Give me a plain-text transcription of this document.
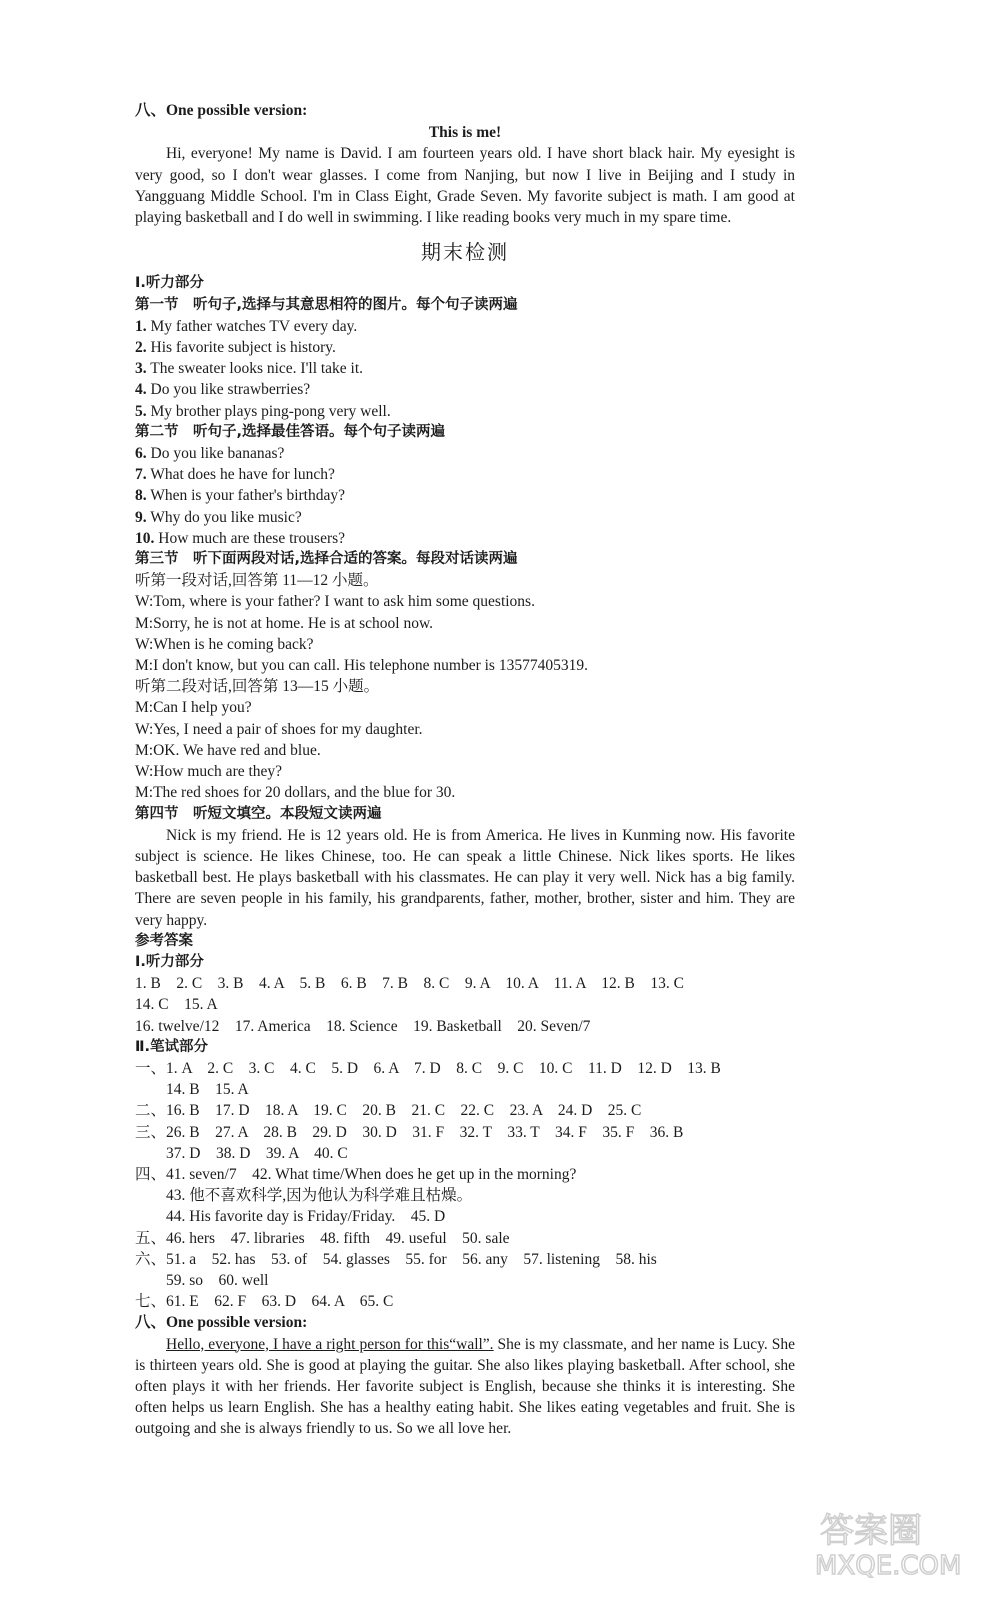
八、One possible version:
This is me!
Hi, everyone! My name is David. I am fourteen years old. I have short black hair. My eyesight is very good, so I don't wear glasses. I come from Nanjing, but now I live in Beijing and I study in Yangguang Middle School. I'm in Class Eight, Grade Seven. My favorite subject is math. I am good at playing basketball and I do well in swimming. I like reading books very much in my spare time.
期末检测
Ⅰ.听力部分
第一节　听句子,选择与其意思相符的图片。每个句子读两遍
1. My father watches TV every day.
2. His favorite subject is history.
3. The sweater looks nice. I'll take it.
4. Do you like strawberries?
5. My brother plays ping-pong very well.
第二节　听句子,选择最佳答语。每个句子读两遍
6. Do you like bananas?
7. What does he have for lunch?
8. When is your father's birthday?
9. Why do you like music?
10. How much are these trousers?
第三节　听下面两段对话,选择合适的答案。每段对话读两遍
听第一段对话,回答第 11—12 小题。
W:Tom, where is your father? I want to ask him some questions.
M:Sorry, he is not at home. He is at school now.
W:When is he coming back?
M:I don't know, but you can call. His telephone number is 13577405319.
听第二段对话,回答第 13—15 小题。
M:Can I help you?
W:Yes, I need a pair of shoes for my daughter.
M:OK. We have red and blue.
W:How much are they?
M:The red shoes for 20 dollars, and the blue for 30.
第四节　听短文填空。本段短文读两遍
Nick is my friend. He is 12 years old. He is from America. He lives in Kunming now. His favorite subject is science. He likes Chinese, too. He can speak a little Chinese. Nick likes sports. He likes basketball best. He plays basketball with his classmates. He can play it very well. Nick has a big family. There are seven people in his family, his grandparents, father, mother, brother, sister and him. They are very happy.
参考答案
Ⅰ.听力部分
1. B　2. C　3. B　4. A　5. B　6. B　7. B　8. C　9. A　10. A　11. A　12. B　13. C
14. C　15. A
16. twelve/12　17. America　18. Science　19. Basketball　20. Seven/7
Ⅱ.笔试部分
一、1. A　2. C　3. C　4. C　5. D　6. A　7. D　8. C　9. C　10. C　11. D　12. D　13. B
　　14. B　15. A
二、16. B　17. D　18. A　19. C　20. B　21. C　22. C　23. A　24. D　25. C
三、26. B　27. A　28. B　29. D　30. D　31. F　32. T　33. T　34. F　35. F　36. B
　　37. D　38. D　39. A　40. C
四、41. seven/7　42. What time/When does he get up in the morning?
　　43. 他不喜欢科学,因为他认为科学难且枯燥。
　　44. His favorite day is Friday/Friday.　45. D
五、46. hers　47. libraries　48. fifth　49. useful　50. sale
六、51. a　52. has　53. of　54. glasses　55. for　56. any　57. listening　58. his
　　59. so　60. well
七、61. E　62. F　63. D　64. A　65. C
八、One possible version:
Hello, everyone, I have a right person for this“wall”. She is my classmate, and her name is Lucy. She is thirteen years old. She is good at playing the guitar. She also likes playing basketball. After school, she often plays it with her friends. Her favorite subject is English, because she thinks it is interesting. She often helps us learn English. She has a healthy eating habit. She likes eating vegetables and fruit. She is outgoing and she is always friendly to us. So we all love her.
答案圈
MXQE.COM
